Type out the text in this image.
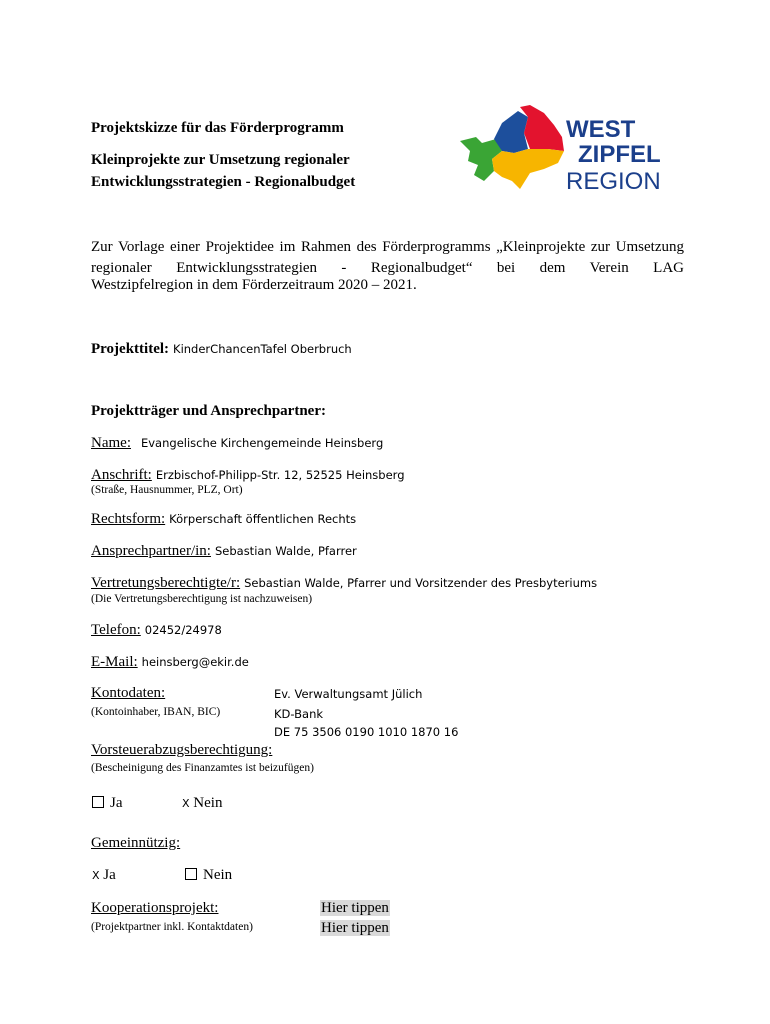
Projektskizze für das Förderprogramm
Kleinprojekte zur Umsetzung regionaler
Entwicklungsstrategien - Regionalbudget
WEST
ZIPFEL
REGION
Zur Vorlage einer Projektidee im Rahmen des Förderprogramms „Kleinprojekte zur Umsetzung regionaler Entwicklungsstrategien - Regionalbudget“ bei dem Verein LAG
Westzipfelregion in dem Förderzeitraum 2020 – 2021.
Projekttitel: KinderChancenTafel Oberbruch
Projektträger und Ansprechpartner:
Name: Evangelische Kirchengemeinde Heinsberg
Anschrift: Erzbischof-Philipp-Str. 12, 52525 Heinsberg
(Straße, Hausnummer, PLZ, Ort)
Rechtsform: Körperschaft öffentlichen Rechts
Ansprechpartner/in: Sebastian Walde, Pfarrer
Vertretungsberechtigte/r: Sebastian Walde, Pfarrer und Vorsitzender des Presbyteriums
(Die Vertretungsberechtigung ist nachzuweisen)
Telefon: 02452/24978
E-Mail: heinsberg@ekir.de
Kontodaten:
(Kontoinhaber, IBAN, BIC)
Ev. Verwaltungsamt Jülich
KD-Bank
DE 75 3506 0190 1010 1870 16
Vorsteuerabzugsberechtigung:
(Bescheinigung des Finanzamtes ist beizufügen)
Ja	X Nein
Gemeinnützig:
X Ja	Nein
Kooperationsprojekt:
(Projektpartner inkl. Kontaktdaten)
Hier tippen
Hier tippen
